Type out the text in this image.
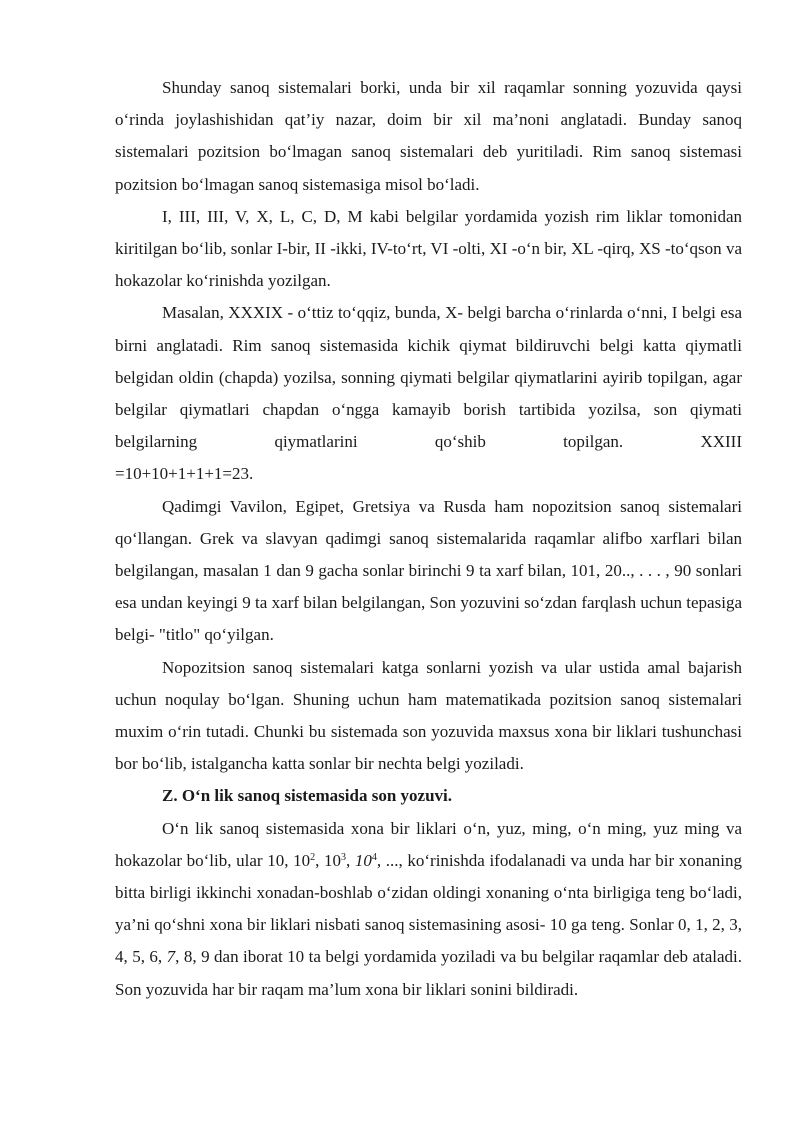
Shunday sanoq sistemalari borki, unda bir xil raqamlar sonning yozuvida qaysi o‘rinda joylashishidan qat’iy nazar, doim bir xil ma’noni anglatadi. Bunday sanoq sistemalari pozitsion bo‘lmagan sanoq sistemalari deb yuritiladi. Rim sanoq sistemasi pozitsion bo‘lmagan sanoq sistemasiga misol bo‘ladi.

I, III, III, V, X, L, C, D, M kabi belgilar yordamida yozish rim liklar tomonidan kiritilgan bo‘lib, sonlar I-bir, II -ikki, IV-to‘rt, VI -olti, XI -o‘n bir, XL -qirq, XS -to‘qson va hokazolar ko‘rinishda yozilgan.

Masalan, XXXIX - o‘ttiz to‘qqiz, bunda, X- belgi barcha o‘rinlarda o‘nni, I belgi esa birni anglatadi. Rim sanoq sistemasida kichik qiymat bildiruvchi belgi katta qiymatli belgidan oldin (chapda) yozilsa, sonning qiymati belgilar qiymatlarini ayirib topilgan, agar belgilar qiymatlari chapdan o‘ngga kamayib borish tartibida yozilsa, son qiymati belgilarning qiymatlarini qo‘shib topilgan. XXIII

=10+10+1+1+1=23.

Qadimgi Vavilon, Egipet, Gretsiya va Rusda ham nopozitsion sanoq sistemalari qo‘llangan. Grek va slavyan qadimgi sanoq sistemalarida raqamlar alifbo xarflari bilan belgilangan, masalan 1 dan 9 gacha sonlar birinchi 9 ta xarf bilan, 101, 20.., . . . , 90 sonlari esa undan keyingi 9 ta xarf bilan belgilangan, Son yozuvini so‘zdan farqlash uchun tepasiga belgi- "titlo" qo‘yilgan.

Nopozitsion sanoq sistemalari katga sonlarni yozish va ular ustida amal bajarish uchun noqulay bo‘lgan. Shuning uchun ham matematikada pozitsion sanoq sistemalari muxim o‘rin tutadi. Chunki bu sistemada son yozuvida maxsus xona bir liklari tushunchasi bor bo‘lib, istalgancha katta sonlar bir nechta belgi yoziladi.

Z. O‘n lik sanoq sistemasida son yozuvi.

O‘n lik sanoq sistemasida xona bir liklari o‘n, yuz, ming, o‘n ming, yuz ming va hokazolar bo‘lib, ular 10, $10^2$, $10^3$, $10^4$, ..., ko‘rinishda ifodalanadi va unda har bir xonaning bitta birligi ikkinchi xonadan-boshlab o‘zidan oldingi xonaning o‘nta birligiga teng bo‘ladi, ya’ni qo‘shni xona bir liklari nisbati sanoq sistemasining asosi- 10 ga teng. Sonlar 0, 1, 2, 3, 4, 5, 6, 7, 8, 9 dan iborat 10 ta belgi yordamida yoziladi va bu belgilar raqamlar deb ataladi. Son yozuvida har bir raqam ma’lum xona bir liklari sonini bildiradi.
